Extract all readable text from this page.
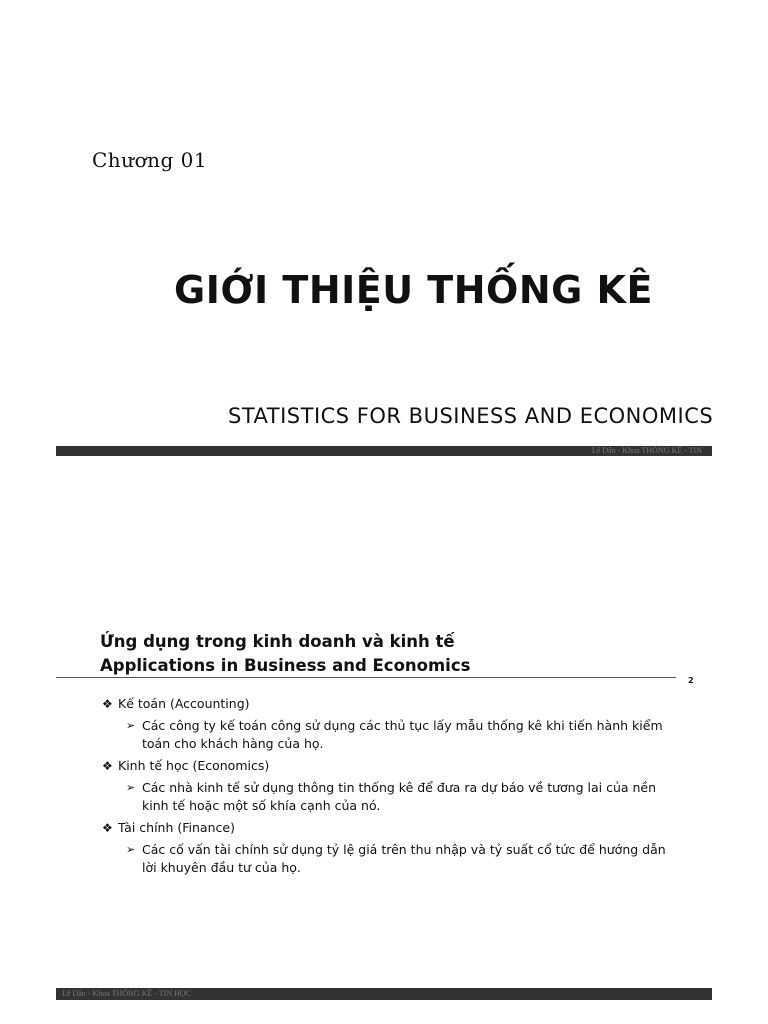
Chương 01
GIỚI THIỆU THỐNG KÊ
STATISTICS FOR BUSINESS AND ECONOMICS
Lê Dân - Khoa THỐNG KÊ - TIN
Ứng dụng trong kinh doanh và kinh tế
Applications in Business and Economics
2
❖ Kế toán (Accounting)
➢ Các công ty kế toán công sử dụng các thủ tục lấy mẫu thống kê khi tiến hành kiểm toán cho khách hàng của họ.
❖ Kinh tế học (Economics)
➢ Các nhà kinh tế sử dụng thông tin thống kê để đưa ra dự báo về tương lai của nền kinh tế hoặc một số khía cạnh của nó.
❖ Tài chính (Finance)
➢ Các cố vấn tài chính sử dụng tỷ lệ giá trên thu nhập và tỷ suất cổ tức để hướng dẫn lời khuyên đầu tư của họ.
Lê Dân - Khoa THỐNG KÊ - TIN HỌC
